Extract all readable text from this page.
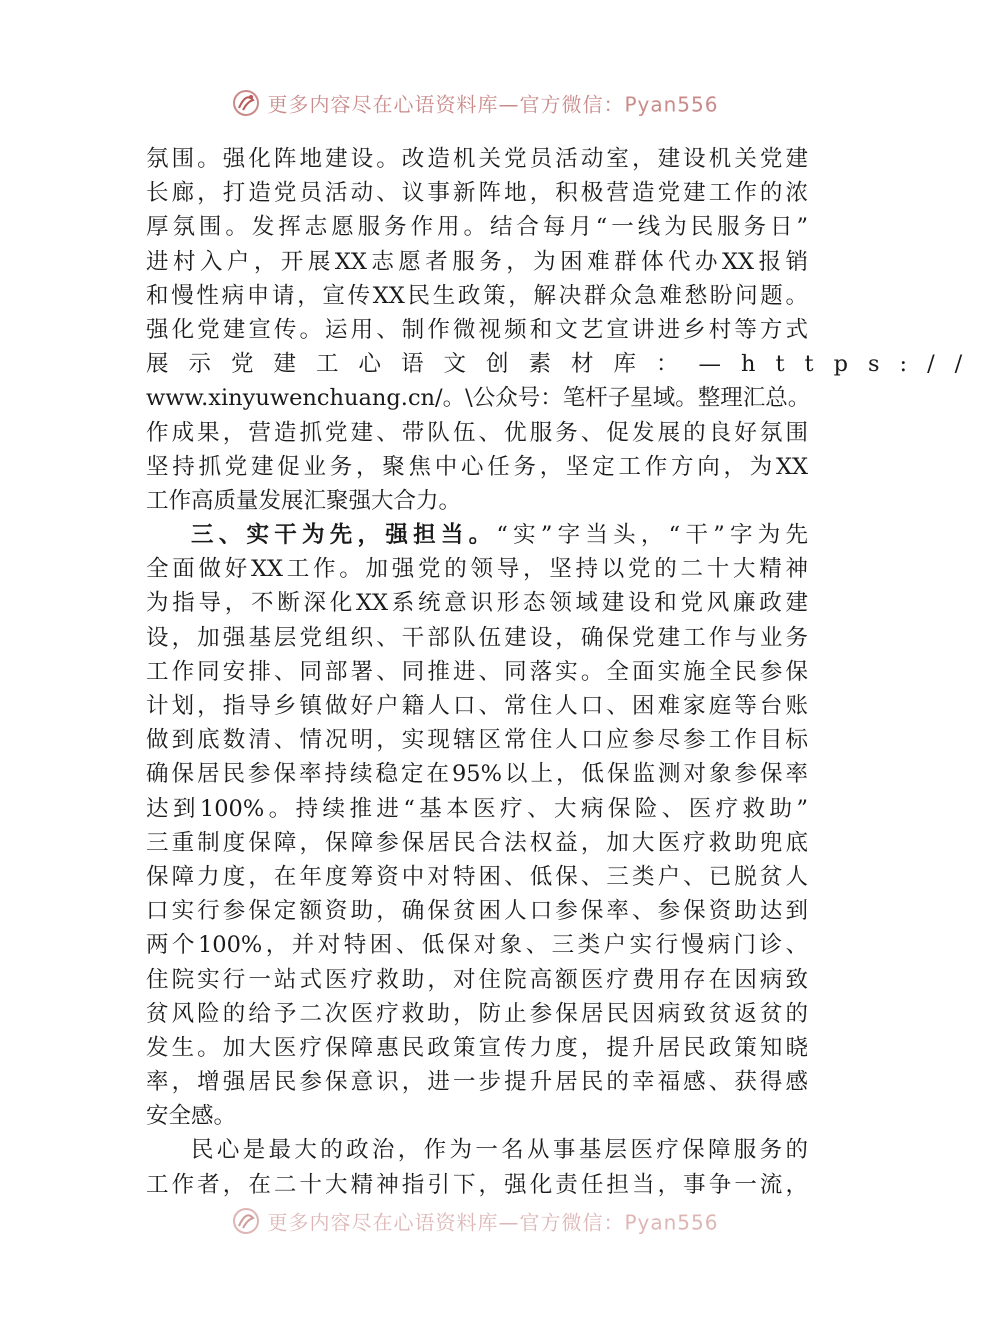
更多内容尽在心语资料库—官方微信：Pyan556
氛围。强化阵地建设。改造机关党员活动室，建设机关党建
长廊，打造党员活动、议事新阵地，积极营造党建工作的浓
厚氛围。发挥志愿服务作用。结合每月“一线为民服务日”
进村入户，开展XX志愿者服务，为困难群体代办XX报销
和慢性病申请，宣传XX民生政策，解决群众急难愁盼问题。
强化党建宣传。运用、制作微视频和文艺宣讲进乡村等方式
展示党建工心语文创素材库：—https://
www.xinyuwenchuang.cn/。\公众号：笔杆子星域。整理汇总。
作成果，营造抓党建、带队伍、优服务、促发展的良好氛围
坚持抓党建促业务，聚焦中心任务，坚定工作方向，为XX
工作高质量发展汇聚强大合力。
三、实干为先，强担当。“实”字当头，“干”字为先
全面做好XX工作。加强党的领导，坚持以党的二十大精神
为指导，不断深化XX系统意识形态领域建设和党风廉政建
设，加强基层党组织、干部队伍建设，确保党建工作与业务
工作同安排、同部署、同推进、同落实。全面实施全民参保
计划，指导乡镇做好户籍人口、常住人口、困难家庭等台账
做到底数清、情况明，实现辖区常住人口应参尽参工作目标
确保居民参保率持续稳定在95%以上，低保监测对象参保率
达到100%。持续推进“基本医疗、大病保险、医疗救助”
三重制度保障，保障参保居民合法权益，加大医疗救助兜底
保障力度，在年度筹资中对特困、低保、三类户、已脱贫人
口实行参保定额资助，确保贫困人口参保率、参保资助达到
两个100%，并对特困、低保对象、三类户实行慢病门诊、
住院实行一站式医疗救助，对住院高额医疗费用存在因病致
贫风险的给予二次医疗救助，防止参保居民因病致贫返贫的
发生。加大医疗保障惠民政策宣传力度，提升居民政策知晓
率，增强居民参保意识，进一步提升居民的幸福感、获得感
安全感。
民心是最大的政治，作为一名从事基层医疗保障服务的
工作者，在二十大精神指引下，强化责任担当，事争一流，
更多内容尽在心语资料库—官方微信：Pyan556
